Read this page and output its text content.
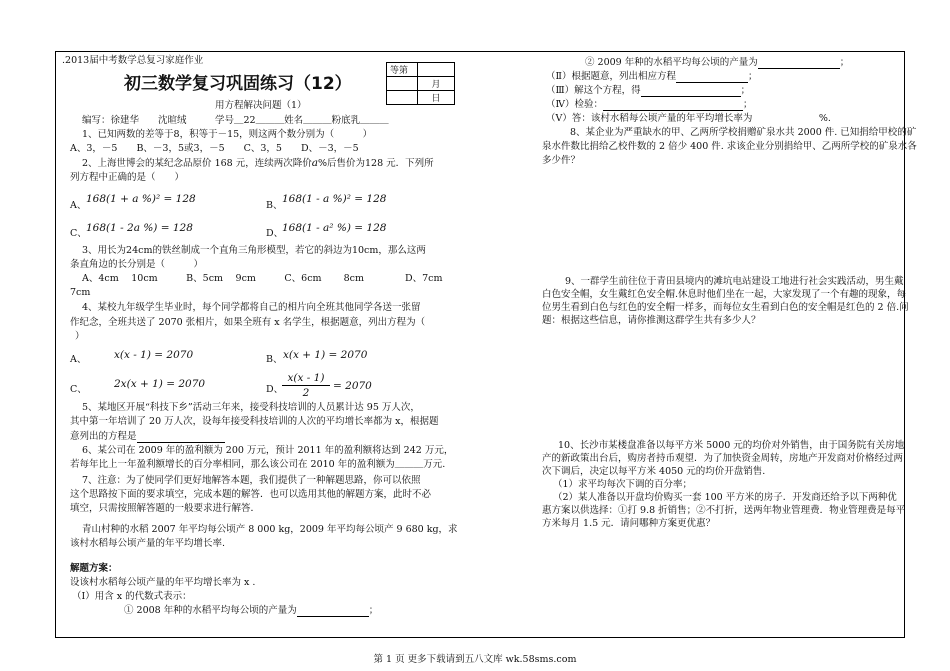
.2013届中考数学总复习家庭作业
初三数学复习巩固练习（12）
等第	
	月
	日
用方程解决问题（1）
编写：徐建华　　沈暄绒　　　学号＿22＿＿＿姓名＿＿＿粉底乳＿＿＿
1、已知两数的差等于8，积等于－15，则这两个数分别为（　　　）
A、3，－5　　B、－3，5或3，－5　　C、3，5　　D、－3，－5
2、上海世博会的某纪念品原价 168 元，连续两次降价a%后售价为128 元．下列所
列方程中正确的是（　　）
A、
168(1 + a %)² = 128
B、
168(1 - a %)² = 128
C、 168(1 - 2a %) = 128	D、
168(1 - a² %) = 128
3、用长为24cm的铁丝制成一个直角三角形模型，若它的斜边为10cm，那么这两
条直角边的长分别是（　　　）
A、4cm　 10cm　　　B、5cm　 9cm　　　C、6cm　　 8cm　　　　 D、7cm
7cm
4、某校九年级学生毕业时，每个同学都将自己的相片向全班其他同学各送一张留
作纪念，全班共送了 2070 张相片，如果全班有 x 名学生，根据题意，列出方程为（
）
A、	x(x - 1) = 2070	B、 x(x + 1) = 2070
C、	2x(x + 1) = 2070	D、
x(x - 1)
2
= 2070
5、某地区开展“科技下乡”活动三年来，接受科技培训的人员累计达 95 万人次，
其中第一年培训了 20 万人次，设每年接受科技培训的人次的平均增长率都为 x，根据题
意列出的方程是
6、某公司在 2009 年的盈利额为 200 万元，预计 2011 年的盈利额将达到 242 万元，
若每年比上一年盈利额增长的百分率相同，那么该公司在 2010 年的盈利额为＿＿＿万元.
7、注意：为了使同学们更好地解答本题，我们提供了一种解题思路，你可以依照
这个思路按下面的要求填空，完成本题的解答．也可以选用其他的解题方案，此时不必
填空，只需按照解答题的一般要求进行解答．
青山村种的水稻 2007 年平均每公顷产 8 000 kg，2009 年平均每公顷产 9 680 kg，求
该村水稻每公顷产量的年平均增长率.
解题方案：
设该村水稻每公顷产量的年平均增长率为 x .
（Ⅰ）用含 x 的代数式表示：
① 2008 年种的水稻平均每公顷的产量为	；
② 2009 年种的水稻平均每公顷的产量为	；
（Ⅱ）根据题意，列出相应方程	；
（Ⅲ）解这个方程，得	；
（Ⅳ）检验：	；
（Ⅴ）答：该村水稻每公顷产量的年平均增长率为　　　　　　　%.
8、某企业为严重缺水的甲、乙两所学校捐赠矿泉水共 2000 件. 已知捐给甲校的矿
泉水件数比捐给乙校件数的 2 倍少 400 件. 求该企业分别捐给甲、乙两所学校的矿泉水各
多少件？
9、一群学生前往位于青田县境内的滩坑电站建设工地进行社会实践活动，男生戴
白色安全帽，女生戴红色安全帽.休息时他们坐在一起，大家发现了一个有趣的现象，每
位男生看到白色与红色的安全帽一样多，而每位女生看到白色的安全帽是红色的 2 倍.问
题：根据这些信息，请你推测这群学生共有多少人？
10、长沙市某楼盘准备以每平方米 5000 元的均价对外销售，由于国务院有关房地
产的新政策出台后，购房者持币观望．为了加快资金周转，房地产开发商对价格经过两
次下调后，决定以每平方米 4050 元的均价开盘销售.
（1）求平均每次下调的百分率；
（2）某人准备以开盘均价购买一套 100 平方米的房子．开发商还给予以下两种优
惠方案以供选择：①打 9.8 折销售；②不打折，送两年物业管理费．物业管理费是每平
方米每月 1.5 元．请问哪种方案更优惠？
第 1 页 更多下载请到五八文库 wk.58sms.com
